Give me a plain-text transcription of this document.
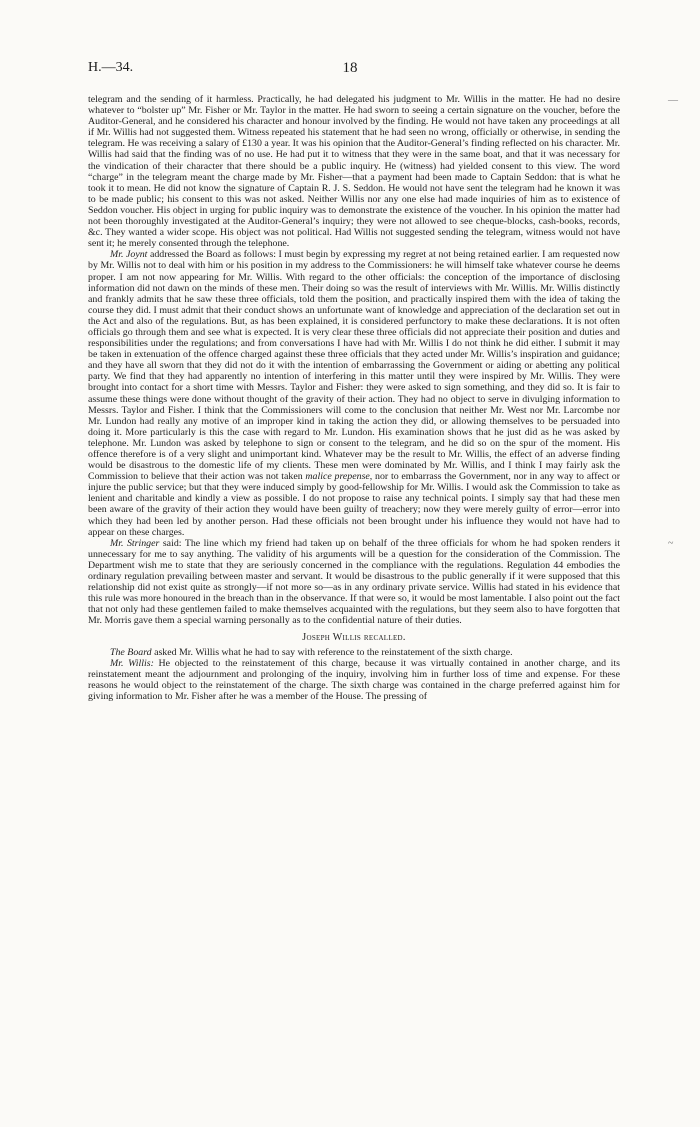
H.—34.	18

telegram and the sending of it harmless. Practically, he had delegated his judgment to Mr. Willis in the matter. He had no desire whatever to “bolster up” Mr. Fisher or Mr. Taylor in the matter. He had sworn to seeing a certain signature on the voucher, before the Auditor-General, and he considered his character and honour involved by the finding. He would not have taken any proceedings at all if Mr. Willis had not suggested them. Witness repeated his statement that he had seen no wrong, officially or otherwise, in sending the telegram. He was receiving a salary of £130 a year. It was his opinion that the Auditor-General’s finding reflected on his character. Mr. Willis had said that the finding was of no use. He had put it to witness that they were in the same boat, and that it was necessary for the vindication of their character that there should be a public inquiry. He (witness) had yielded consent to this view. The word “charge” in the telegram meant the charge made by Mr. Fisher—that a payment had been made to Captain Seddon: that is what he took it to mean. He did not know the signature of Captain R. J. S. Seddon. He would not have sent the telegram had he known it was to be made public; his consent to this was not asked. Neither Willis nor any one else had made inquiries of him as to existence of Seddon voucher. His object in urging for public inquiry was to demonstrate the existence of the voucher. In his opinion the matter had not been thoroughly investigated at the Auditor-General’s inquiry; they were not allowed to see cheque-blocks, cash-books, records, &c. They wanted a wider scope. His object was not political. Had Willis not suggested sending the telegram, witness would not have sent it; he merely consented through the telephone.

Mr. Joynt addressed the Board as follows: I must begin by expressing my regret at not being retained earlier. I am requested now by Mr. Willis not to deal with him or his position in my address to the Commissioners: he will himself take whatever course he deems proper. I am not now appearing for Mr. Willis. With regard to the other officials: the conception of the importance of disclosing information did not dawn on the minds of these men. Their doing so was the result of interviews with Mr. Willis. Mr. Willis distinctly and frankly admits that he saw these three officials, told them the position, and practically inspired them with the idea of taking the course they did. I must admit that their conduct shows an unfortunate want of knowledge and appreciation of the declaration set out in the Act and also of the regulations. But, as has been explained, it is considered perfunctory to make these declarations. It is not often officials go through them and see what is expected. It is very clear these three officials did not appreciate their position and duties and responsibilities under the regulations; and from conversations I have had with Mr. Willis I do not think he did either. I submit it may be taken in extenuation of the offence charged against these three officials that they acted under Mr. Willis’s inspiration and guidance; and they have all sworn that they did not do it with the intention of embarrassing the Government or aiding or abetting any political party. We find that they had apparently no intention of interfering in this matter until they were inspired by Mr. Willis. They were brought into contact for a short time with Messrs. Taylor and Fisher: they were asked to sign something, and they did so. It is fair to assume these things were done without thought of the gravity of their action. They had no object to serve in divulging information to Messrs. Taylor and Fisher. I think that the Commissioners will come to the conclusion that neither Mr. West nor Mr. Larcombe nor Mr. Lundon had really any motive of an improper kind in taking the action they did, or allowing themselves to be persuaded into doing it. More particularly is this the case with regard to Mr. Lundon. His examination shows that he just did as he was asked by telephone. Mr. Lundon was asked by telephone to sign or consent to the telegram, and he did so on the spur of the moment. His offence therefore is of a very slight and unimportant kind. Whatever may be the result to Mr. Willis, the effect of an adverse finding would be disastrous to the domestic life of my clients. These men were dominated by Mr. Willis, and I think I may fairly ask the Commission to believe that their action was not taken malice prepense, nor to embarrass the Government, nor in any way to affect or injure the public service; but that they were induced simply by good-fellowship for Mr. Willis. I would ask the Commission to take as lenient and charitable and kindly a view as possible. I do not propose to raise any technical points. I simply say that had these men been aware of the gravity of their action they would have been guilty of treachery; now they were merely guilty of error—error into which they had been led by another person. Had these officials not been brought under his influence they would not have had to appear on these charges.

Mr. Stringer said: The line which my friend had taken up on behalf of the three officials for whom he had spoken renders it unnecessary for me to say anything. The validity of his arguments will be a question for the consideration of the Commission. The Department wish me to state that they are seriously concerned in the compliance with the regulations. Regulation 44 embodies the ordinary regulation prevailing between master and servant. It would be disastrous to the public generally if it were supposed that this relationship did not exist quite as strongly—if not more so—as in any ordinary private service. Willis had stated in his evidence that this rule was more honoured in the breach than in the observance. If that were so, it would be most lamentable. I also point out the fact that not only had these gentlemen failed to make themselves acquainted with the regulations, but they seem also to have forgotten that Mr. Morris gave them a special warning personally as to the confidential nature of their duties.

Joseph Willis recalled.

The Board asked Mr. Willis what he had to say with reference to the reinstatement of the sixth charge.

Mr. Willis: He objected to the reinstatement of this charge, because it was virtually contained in another charge, and its reinstatement meant the adjournment and prolonging of the inquiry, involving him in further loss of time and expense. For these reasons he would object to the reinstatement of the charge. The sixth charge was contained in the charge preferred against him for giving information to Mr. Fisher after he was a member of the House. The pressing of

—
~
